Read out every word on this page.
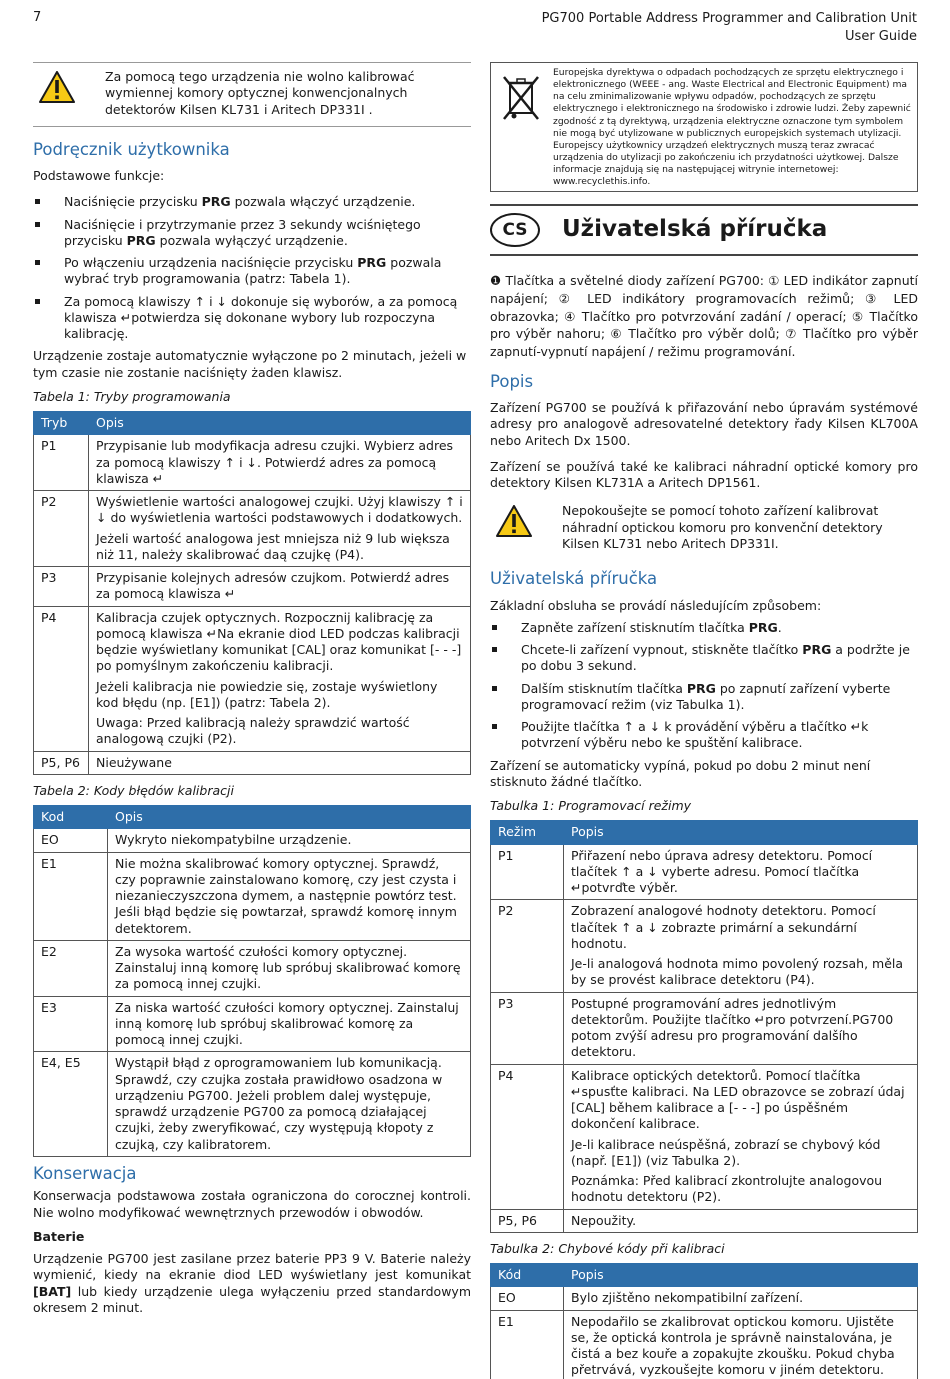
7	PG700 Portable Address Programmer and Calibration Unit
User Guide
Za pomocą tego urządzenia nie wolno kalibrować wymiennej komory optycznej konwencjonalnych detektorów Kilsen KL731 i Aritech DP331I .
Podręcznik użytkownika

Podstawowe funkcje:

Naciśnięcie przycisku PRG pozwala włączyć urządzenie.
Naciśnięcie i przytrzymanie przez 3 sekundy wciśniętego przycisku PRG pozwala wyłączyć urządzenie.
Po włączeniu urządzenia naciśnięcie przycisku PRG pozwala wybrać tryb programowania (patrz: Tabela 1).
Za pomocą klawiszy ↑ i ↓ dokonuje się wyborów, a za pomocą klawisza ↵potwierdza się dokonane wybory lub rozpoczyna kalibrację.

Urządzenie zostaje automatycznie wyłączone po 2 minutach, jeżeli w tym czasie nie zostanie naciśnięty żaden klawisz.

Tabela 1: Tryby programowania
Tryb	Opis
P1	Przypisanie lub modyfikacja adresu czujki. Wybierz adres za pomocą klawiszy ↑ i ↓. Potwierdź adres za pomocą klawisza ↵

P2	Wyświetlenie wartości analogowej czujki. Użyj klawiszy ↑ i ↓ do wyświetlenia wartości podstawowych i dodatkowych.

Jeżeli wartość analogowa jest mniejsza niż 9 lub większa niż 11, należy skalibrować daą czujkę (P4).

P3	Przypisanie kolejnych adresów czujkom. Potwierdź adres za pomocą klawisza ↵

P4	Kalibracja czujek optycznych. Rozpocznij kalibrację za pomocą klawisza ↵Na ekranie diod LED podczas kalibracji będzie wyświetlany komunikat [CAL] oraz komunikat [- - -] po pomyślnym zakończeniu kalibracji.

Jeżeli kalibracja nie powiedzie się, zostaje wyświetlony kod błędu (np. [E1]) (patrz: Tabela 2).

Uwaga: Przed kalibracją należy sprawdzić wartość analogową czujki (P2).

P5, P6	Nieużywane

Tabela 2: Kody błędów kalibracji
Kod	Opis
EO	Wykryto niekompatybilne urządzenie.
E1	Nie można skalibrować komory optycznej. Sprawdź, czy poprawnie zainstalowano komorę, czy jest czysta i niezanieczyszczona dymem, a następnie powtórz test. Jeśli błąd będzie się powtarzał, sprawdź komorę innym detektorem.
E2	Za wysoka wartość czułości komory optycznej. Zainstaluj inną komorę lub spróbuj skalibrować komorę za pomocą innej czujki.
E3	Za niska wartość czułości komory optycznej. Zainstaluj inną komorę lub spróbuj skalibrować komorę za pomocą innej czujki.
E4, E5	Wystąpił błąd z oprogramowaniem lub komunikacją. Sprawdź, czy czujka została prawidłowo osadzona w urządzeniu PG700. Jeżeli problem dalej występuje, sprawdź urządzenie PG700 za pomocą działającej czujki, żeby zweryfikować, czy występują kłopoty z czujką, czy kalibratorem.
Konserwacja

Konserwacja podstawowa została ograniczona do corocznej kontroli. Nie wolno modyfikować wewnętrznych przewodów i obwodów.

Baterie

Urządzenie PG700 jest zasilane przez baterie PP3 9 V. Baterie należy wymienić, kiedy na ekranie diod LED wyświetlany jest komunikat [BAT] lub kiedy urządzenie ulega wyłączeniu przed standardowym okresem 2 minut.

Europejska dyrektywa o odpadach pochodzących ze sprzętu elektrycznego i elektronicznego (WEEE - ang. Waste Electrical and Electronic Equipment) ma na celu zminimalizowanie wpływu odpadów, pochodzących ze sprzętu elektrycznego i elektronicznego na środowisko i zdrowie ludzi. Żeby zapewnić zgodność z tą dyrektywą, urządzenia elektryczne oznaczone tym symbolem nie mogą być utylizowane w publicznych europejskich systemach utylizacji. Europejscy użytkownicy urządzeń elektrycznych muszą teraz zwracać urządzenia do utylizacji po zakończeniu ich przydatności użytkowej. Dalsze informacje znajdują się na następującej witrynie internetowej: www.recyclethis.info.
CS	Uživatelská příručka

❶ Tlačítka a světelné diody zařízení PG700: ① LED indikátor zapnutí napájení; ② LED indikátory programovacích režimů; ③ LED obrazovka; ④ Tlačítko pro potvrzování zadání / operací; ⑤ Tlačítko pro výběr nahoru; ⑥ Tlačítko pro výběr dolů; ⑦ Tlačítko pro výběr zapnutí-vypnutí napájení / režimu programování.

Popis

Zařízení PG700 se používá k přiřazování nebo úpravám systémové adresy pro analogově adresovatelné detektory řady Kilsen KL700A nebo Aritech Dx 1500.

Zařízení se používá také ke kalibraci náhradní optické komory pro detektory Kilsen KL731A a Aritech DP1561.

Nepokoušejte se pomocí tohoto zařízení kalibrovat náhradní optickou komoru pro konvenční detektory Kilsen KL731 nebo Aritech DP331I.
Uživatelská příručka

Základní obsluha se provádí následujícím způsobem:

Zapněte zařízení stisknutím tlačítka PRG.
Chcete-li zařízení vypnout, stiskněte tlačítko PRG a podržte je po dobu 3 sekund.
Dalším stisknutím tlačítka PRG po zapnutí zařízení vyberte programovací režim (viz Tabulka 1).
Použijte tlačítka ↑ a ↓ k provádění výběru a tlačítko ↵k potvrzení výběru nebo ke spuštění kalibrace.

Zařízení se automaticky vypíná, pokud po dobu 2 minut není stisknuto žádné tlačítko.

Tabulka 1: Programovací režimy
Režim	Popis
P1	Přiřazení nebo úprava adresy detektoru. Pomocí tlačítek ↑ a ↓ vyberte adresu. Pomocí tlačítka ↵potvrďte výběr.

P2	Zobrazení analogové hodnoty detektoru. Pomocí tlačítek ↑ a ↓ zobrazte primární a sekundární hodnotu.

Je-li analogová hodnota mimo povolený rozsah, měla by se provést kalibrace detektoru (P4).

P3	Postupné programování adres jednotlivým detektorům. Použijte tlačítko ↵pro potvrzení.PG700 potom zvýší adresu pro programování dalšího detektoru.

P4	Kalibrace optických detektorů. Pomocí tlačítka ↵spusťte kalibraci. Na LED obrazovce se zobrazí údaj [CAL] během kalibrace a [- - -] po úspěšném dokončení kalibrace.

Je-li kalibrace neúspěšná, zobrazí se chybový kód (např. [E1]) (viz Tabulka 2).

Poznámka: Před kalibrací zkontrolujte analogovou hodnotu detektoru (P2).

P5, P6	Nepoužity.

Tabulka 2: Chybové kódy při kalibraci
Kód	Popis
EO	Bylo zjištěno nekompatibilní zařízení.
E1	Nepodařilo se zkalibrovat optickou komoru. Ujistěte se, že optická kontrola je správně nainstalována, je čistá a bez kouře a zopakujte zkoušku. Pokud chyba přetrvává, vyzkoušejte komoru v jiném detektoru.
